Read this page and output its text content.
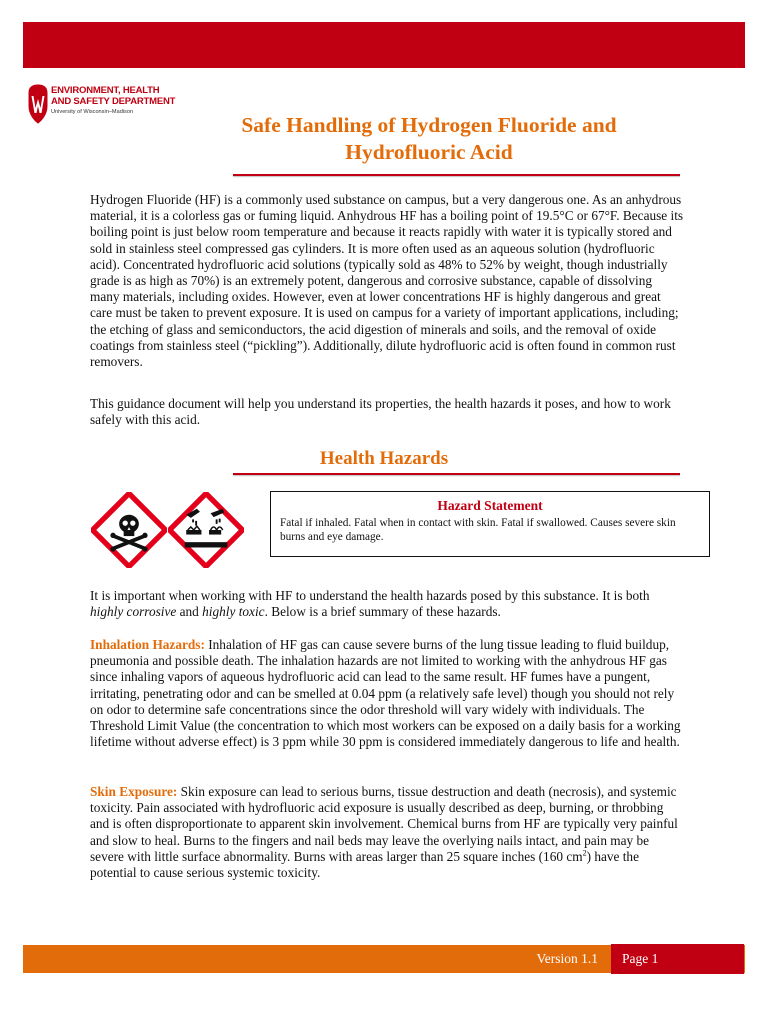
ENVIRONMENT, HEALTH
AND SAFETY DEPARTMENT
University of Wisconsin–Madison
Safe Handling of Hydrogen Fluoride and
Hydrofluoric Acid

Hydrogen Fluoride (HF) is a commonly used substance on campus, but a very dangerous one. As an anhydrous material, it is a colorless gas or fuming liquid. Anhydrous HF has a boiling point of 19.5°C or 67°F. Because its boiling point is just below room temperature and because it reacts rapidly with water it is typically stored and sold in stainless steel compressed gas cylinders. It is more often used as an aqueous solution (hydrofluoric acid). Concentrated hydrofluoric acid solutions (typically sold as 48% to 52% by weight, though industrially grade is as high as 70%) is an extremely potent, dangerous and corrosive substance, capable of dissolving many materials, including oxides. However, even at lower concentrations HF is highly dangerous and great care must be taken to prevent exposure. It is used on campus for a variety of important applications, including; the etching of glass and semiconductors, the acid digestion of minerals and soils, and the removal of oxide coatings from stainless steel (“pickling”). Additionally, dilute hydrofluoric acid is often found in common rust removers.

This guidance document will help you understand its properties, the health hazards it poses, and how to work safely with this acid.

Health Hazards
Hazard Statement
Fatal if inhaled. Fatal when in contact with skin. Fatal if swallowed. Causes severe skin burns and eye damage.

It is important when working with HF to understand the health hazards posed by this substance. It is both highly corrosive and highly toxic. Below is a brief summary of these hazards.

Inhalation Hazards: Inhalation of HF gas can cause severe burns of the lung tissue leading to fluid buildup, pneumonia and possible death. The inhalation hazards are not limited to working with the anhydrous HF gas since inhaling vapors of aqueous hydrofluoric acid can lead to the same result. HF fumes have a pungent, irritating, penetrating odor and can be smelled at 0.04 ppm (a relatively safe level) though you should not rely on odor to determine safe concentrations since the odor threshold will vary widely with individuals. The Threshold Limit Value (the concentration to which most workers can be exposed on a daily basis for a working lifetime without adverse effect) is 3 ppm while 30 ppm is considered immediately dangerous to life and health.

Skin Exposure: Skin exposure can lead to serious burns, tissue destruction and death (necrosis), and systemic toxicity. Pain associated with hydrofluoric acid exposure is usually described as deep, burning, or throbbing and is often disproportionate to apparent skin involvement. Chemical burns from HF are typically very painful and slow to heal. Burns to the fingers and nail beds may leave the overlying nails intact, and pain may be severe with little surface abnormality. Burns with areas larger than 25 square inches (160 $cm^2$) have the potential to cause serious systemic toxicity.

Version 1.1 Page 1
